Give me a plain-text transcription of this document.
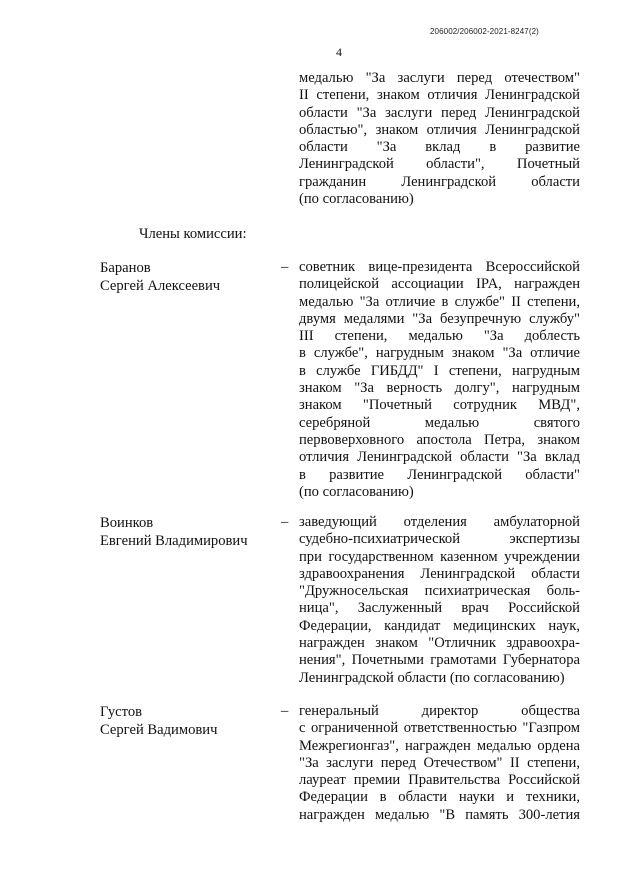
206002/206002-2021-8247(2)
4
медалью "За заслуги перед отечеством"
II степени, знаком отличия Ленинградской
области "За заслуги перед Ленинградской
областью", знаком отличия Ленинградской
области "За вклад в развитие
Ленинградской области", Почетный
гражданин Ленинградской области
(по согласованию)
Члены комиссии:
Баранов
Сергей Алексеевич
– советник вице-президента Всероссийской
полицейской ассоциации IPA, награжден
медалью "За отличие в службе" II степени,
двумя медалями "За безупречную службу"
III степени, медалью "За доблесть
в службе", нагрудным знаком "За отличие
в службе ГИБДД" I степени, нагрудным
знаком "За верность долгу", нагрудным
знаком "Почетный сотрудник МВД",
серебряной медалью святого
первоверховного апостола Петра, знаком
отличия Ленинградской области "За вклад
в развитие Ленинградской области"
(по согласованию)
Воинков
Евгений Владимирович
– заведующий отделения амбулаторной
судебно-психиатрической экспертизы
при государственном казенном учреждении
здравоохранения Ленинградской области
"Дружносельская психиатрическая боль-
ница", Заслуженный врач Российской
Федерации, кандидат медицинских наук,
награжден знаком "Отличник здравоохра-
нения", Почетными грамотами Губернатора
Ленинградской области (по согласованию)
Густов
Сергей Вадимович
– генеральный директор общества
с ограниченной ответственностью "Газпром
Межрегионгаз", награжден медалью ордена
"За заслуги перед Отечеством" II степени,
лауреат премии Правительства Российской
Федерации в области науки и техники,
награжден медалью "В память 300-летия
